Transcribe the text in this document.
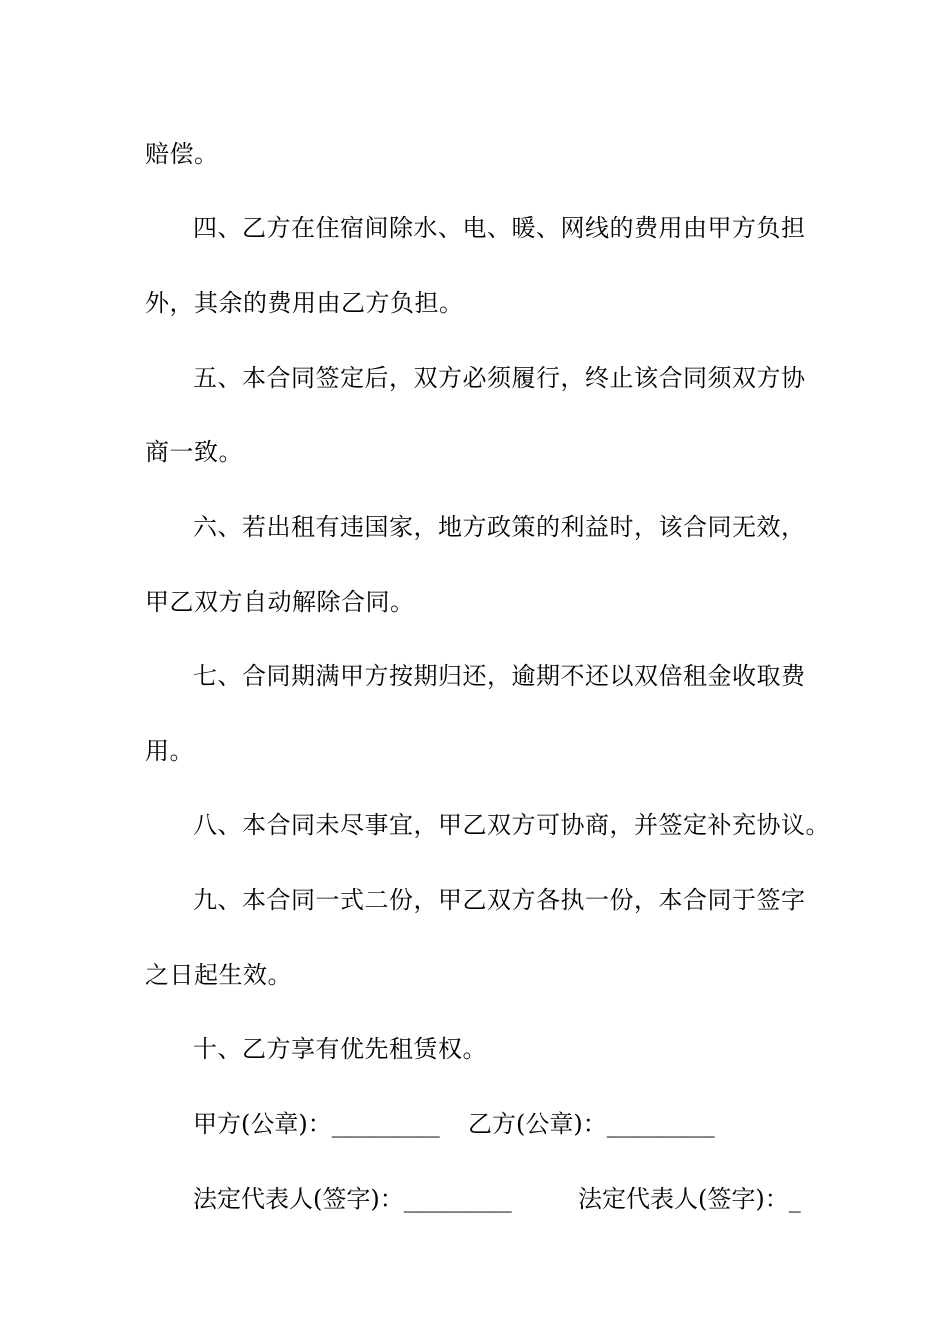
赔偿。
四、乙方在住宿间除水、电、暖、网线的费用由甲方负担
外，其余的费用由乙方负担。
五、本合同签定后，双方必须履行，终止该合同须双方协
商一致。
六、若出租有违国家，地方政策的利益时，该合同无效，
甲乙双方自动解除合同。
七、合同期满甲方按期归还，逾期不还以双倍租金收取费
用。
八、本合同未尽事宜，甲乙双方可协商，并签定补充协议。
九、本合同一式二份，甲乙双方各执一份，本合同于签字
之日起生效。
十、乙方享有优先租赁权。
甲方(公章)：_________ 乙方(公章)：_________
法定代表人(签字)：_________	法定代表人(签字)：_
